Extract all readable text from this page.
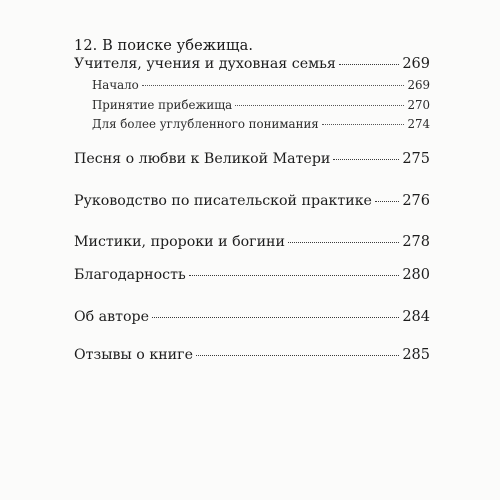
12. В поиске убежища.
Учителя, учения и духовная семья	269
Начало	269
Принятие прибежища	270
Для более углубленного понимания	274
Песня о любви к Великой Матери	275
Руководство по писательской практике 276
Мистики, пророки и богини	278
Благодарность	280
Об авторе	284
Отзывы о книге	285
